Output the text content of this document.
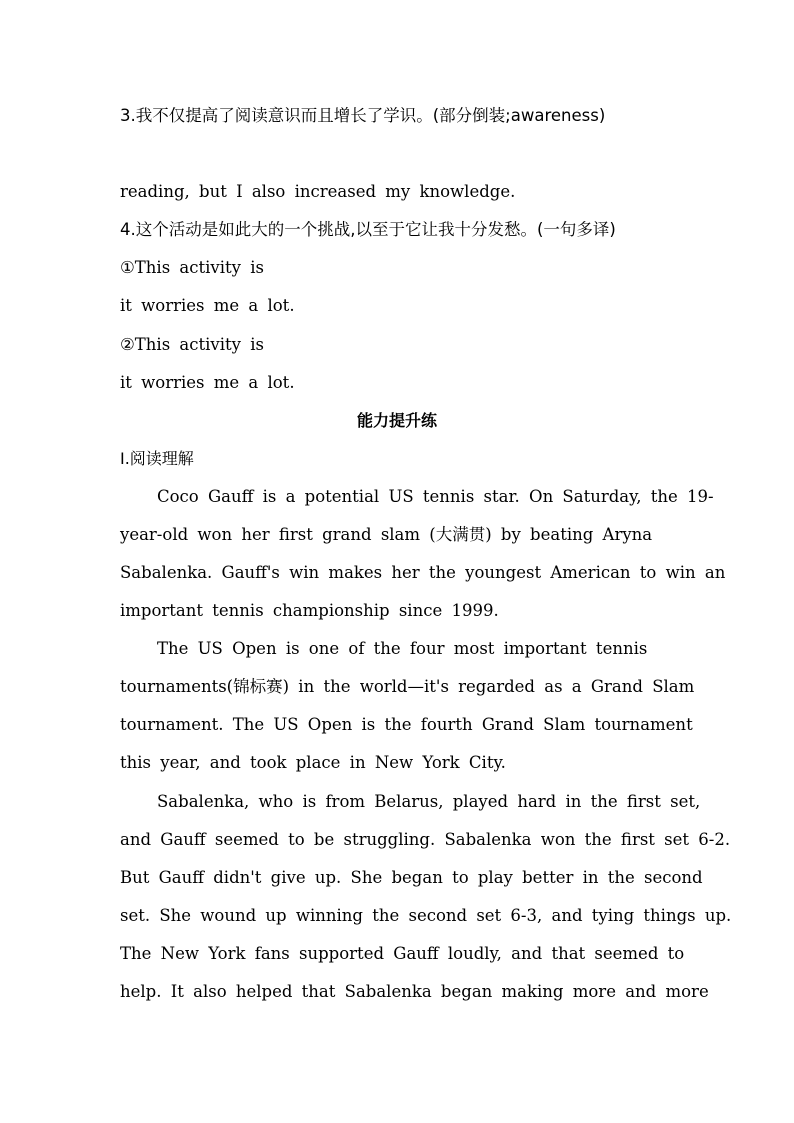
3.我不仅提高了阅读意识而且增长了学识。(部分倒装;awareness)
reading, but I also increased my knowledge.
4.这个活动是如此大的一个挑战,以至于它让我十分发愁。(一句多译)
①This activity is
it worries me a lot.
②This activity is
it worries me a lot.
能力提升练
Ⅰ.阅读理解
Coco Gauff is a potential US tennis star. On Saturday, the 19-
year-old won her first grand slam (大满贯) by beating Aryna
Sabalenka. Gauff's win makes her the youngest American to win an
important tennis championship since 1999.
The US Open is one of the four most important tennis
tournaments(锦标赛) in the world—it's regarded as a Grand Slam
tournament. The US Open is the fourth Grand Slam tournament
this year, and took place in New York City.
Sabalenka, who is from Belarus, played hard in the first set,
and Gauff seemed to be struggling. Sabalenka won the first set 6-2.
But Gauff didn't give up. She began to play better in the second
set. She wound up winning the second set 6-3, and tying things up.
The New York fans supported Gauff loudly, and that seemed to
help. It also helped that Sabalenka began making more and more
